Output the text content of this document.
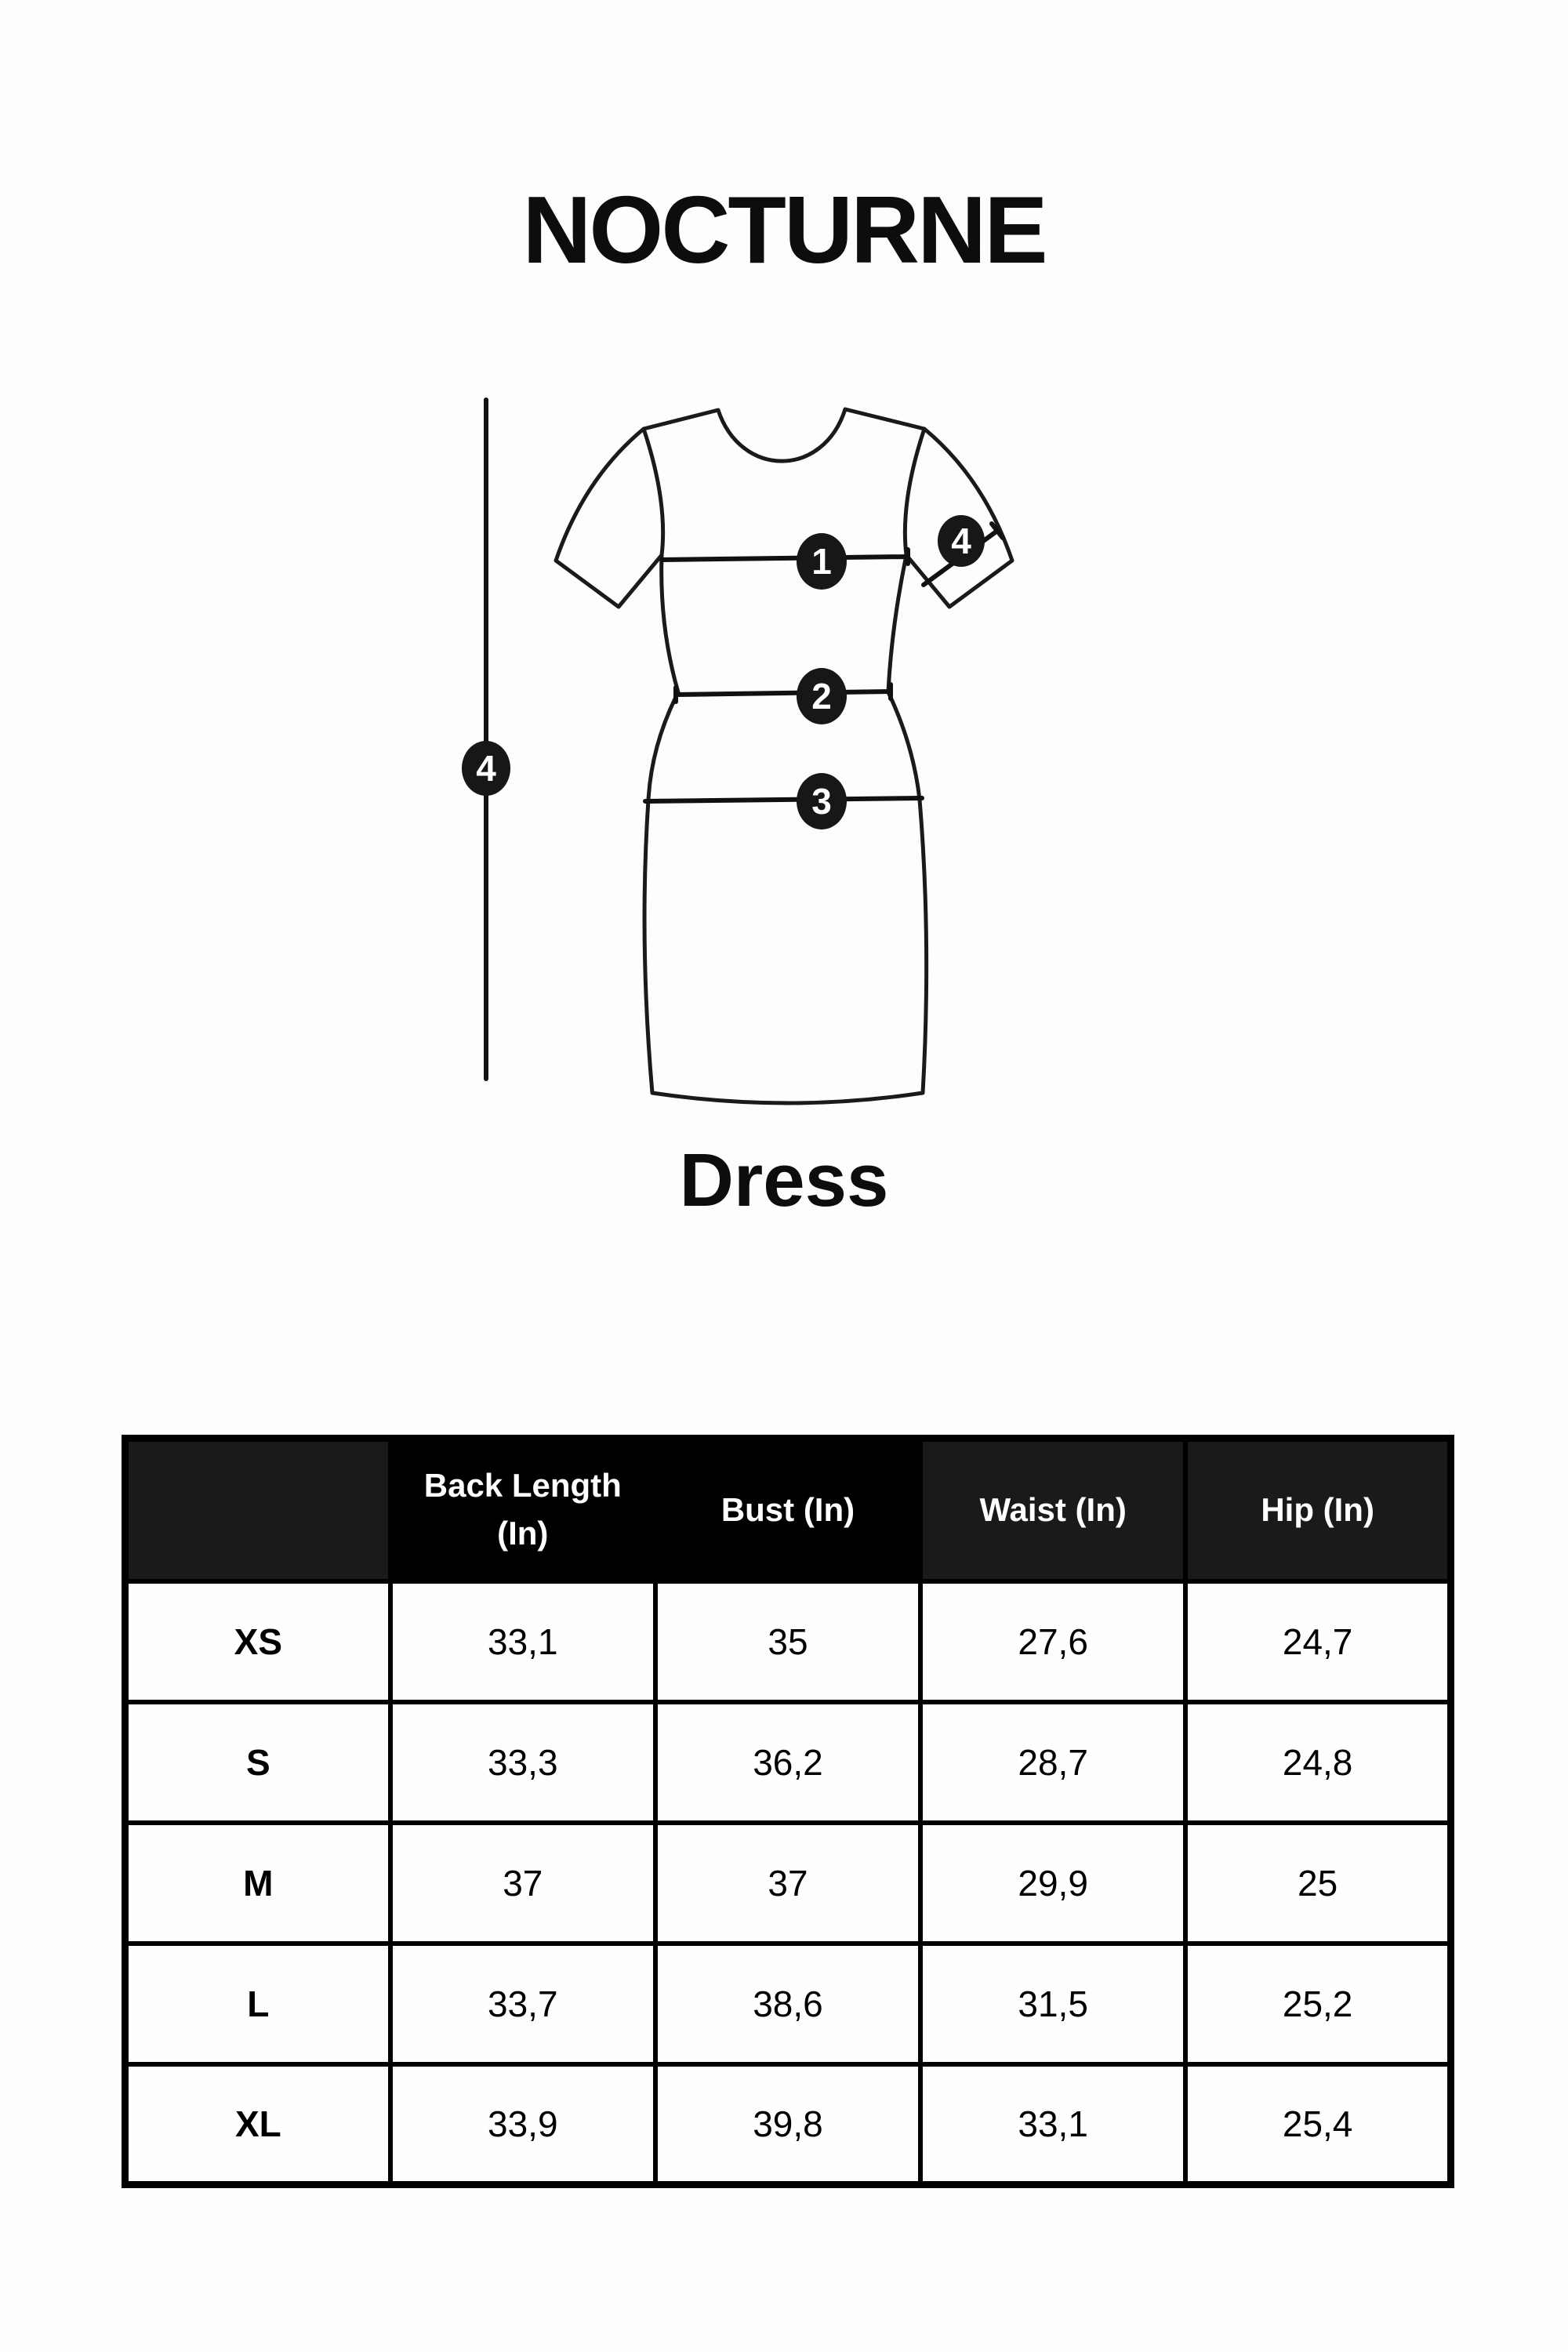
NOCTURNE
1
2
3
4
4
Dress
	Back Length (In)	Bust (In)	Waist (In)	Hip (In)
XS	33,1	35	27,6	24,7
S	33,3	36,2	28,7	24,8
M	37	37	29,9	25
L	33,7	38,6	31,5	25,2
XL	33,9	39,8	33,1	25,4
